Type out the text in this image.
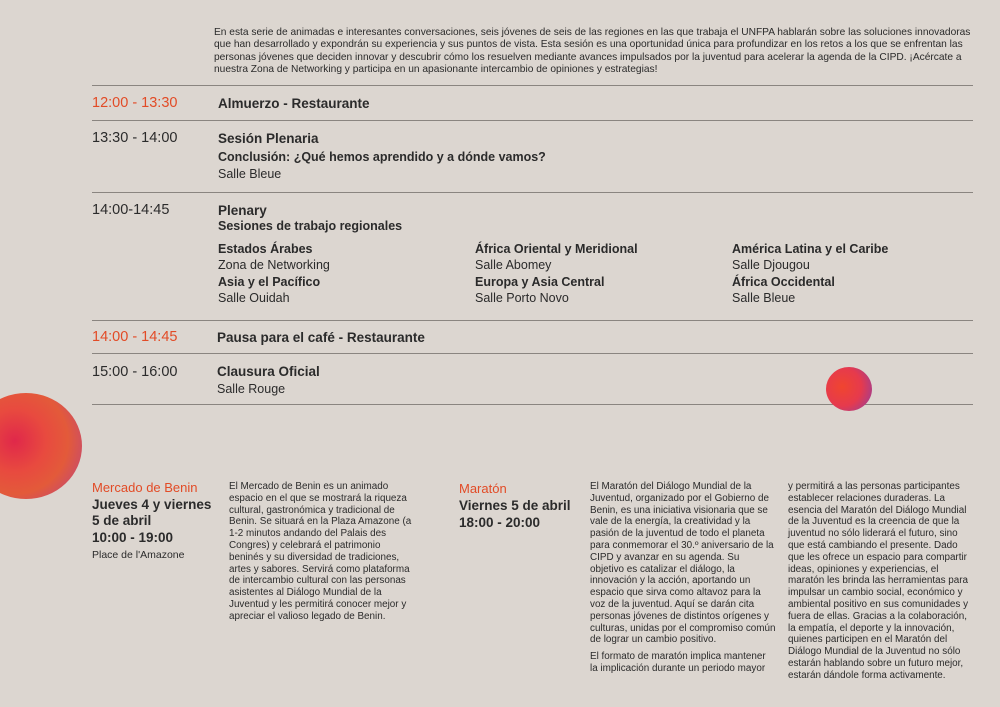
En esta serie de animadas e interesantes conversaciones, seis jóvenes de seis de las regiones en las que trabaja el UNFPA hablarán sobre las soluciones innovadoras que han desarrollado y expondrán su experiencia y sus puntos de vista. Esta sesión es una oportunidad única para profundizar en los retos a los que se enfrentan las personas jóvenes que deciden innovar y descubrir cómo los resuelven mediante avances impulsados por la juventud para acelerar la agenda de la CIPD. ¡Acércate a nuestra Zona de Networking y participa en un apasionante intercambio de opiniones y estrategias!

12:00 - 13:30	Almuerzo - Restaurante
13:30 - 14:00	Sesión Plenaria
Conclusión: ¿Qué hemos aprendido y a dónde vamos?
Salle Bleue
14:00-14:45	Plenary
Sesiones de trabajo regionales
Estados Árabes
Zona de Networking
África Oriental y Meridional
Salle Abomey
América Latina y el Caribe
Salle Djougou
Asia y el Pacífico
Salle Ouidah
Europa y Asia Central
Salle Porto Novo
África Occidental
Salle Bleue
14:00 - 14:45	Pausa para el café - Restaurante
15:00 - 16:00	Clausura Oficial
Salle Rouge
Mercado de Benin
Jueves 4 y viernes 5 de abril
10:00 - 19:00
Place de l'Amazone

El Mercado de Benin es un animado espacio en el que se mostrará la riqueza cultural, gastronómica y tradicional de Benin. Se situará en la Plaza Amazone (a 1-2 minutos andando del Palais des Congres) y celebrará el patrimonio beninés y su diversidad de tradiciones, artes y sabores. Servirá como plataforma de intercambio cultural con las personas asistentes al Diálogo Mundial de la Juventud y les permitirá conocer mejor y apreciar el valioso legado de Benin.

Maratón
Viernes 5 de abril
18:00 - 20:00

El Maratón del Diálogo Mundial de la Juventud, organizado por el Gobierno de Benin, es una iniciativa visionaria que se vale de la energía, la creatividad y la pasión de la juventud de todo el planeta para conmemorar el 30.º aniversario de la CIPD y avanzar en su agenda. Su objetivo es catalizar el diálogo, la innovación y la acción, aportando un espacio que sirva como altavoz para la voz de la juventud. Aquí se darán cita personas jóvenes de distintos orígenes y culturas, unidas por el compromiso común de lograr un cambio positivo.

El formato de maratón implica mantener la implicación durante un periodo mayor

y permitirá a las personas participantes establecer relaciones duraderas. La esencia del Maratón del Diálogo Mundial de la Juventud es la creencia de que la juventud no sólo liderará el futuro, sino que está cambiando el presente. Dado que les ofrece un espacio para compartir ideas, opiniones y experiencias, el maratón les brinda las herramientas para impulsar un cambio social, económico y ambiental positivo en sus comunidades y fuera de ellas. Gracias a la colaboración, la empatía, el deporte y la innovación, quienes participen en el Maratón del Diálogo Mundial de la Juventud no sólo estarán hablando sobre un futuro mejor, estarán dándole forma activamente.
